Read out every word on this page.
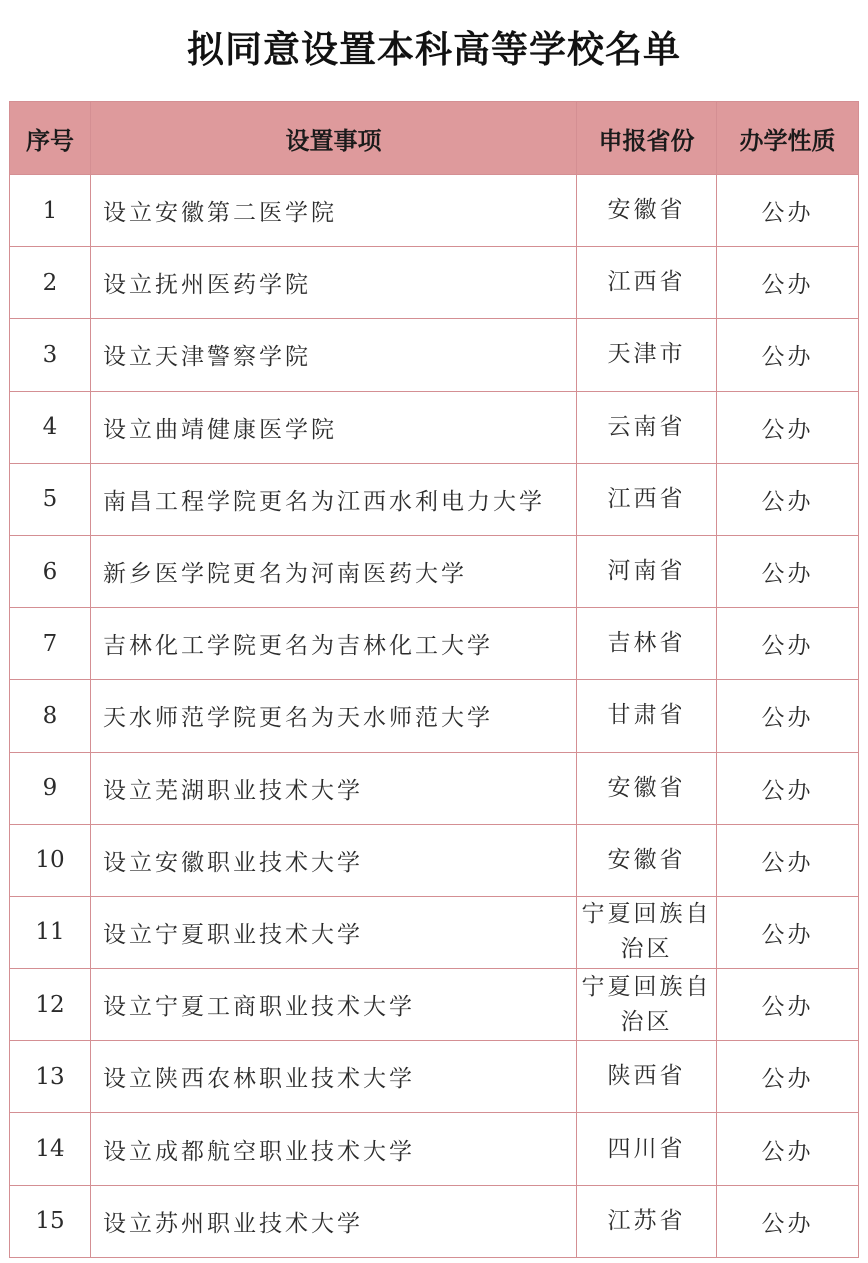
拟同意设置本科高等学校名单
序号	设置事项	申报省份	办学性质
1	设立安徽第二医学院	安徽省	公办
2	设立抚州医药学院	江西省	公办
3	设立天津警察学院	天津市	公办
4	设立曲靖健康医学院	云南省	公办
5	南昌工程学院更名为江西水利电力大学	江西省	公办
6	新乡医学院更名为河南医药大学	河南省	公办
7	吉林化工学院更名为吉林化工大学	吉林省	公办
8	天水师范学院更名为天水师范大学	甘肃省	公办
9	设立芜湖职业技术大学	安徽省	公办
10	设立安徽职业技术大学	安徽省	公办
11	设立宁夏职业技术大学	宁夏回族自治区	公办
12	设立宁夏工商职业技术大学	宁夏回族自治区	公办
13	设立陕西农林职业技术大学	陕西省	公办
14	设立成都航空职业技术大学	四川省	公办
15	设立苏州职业技术大学	江苏省	公办
